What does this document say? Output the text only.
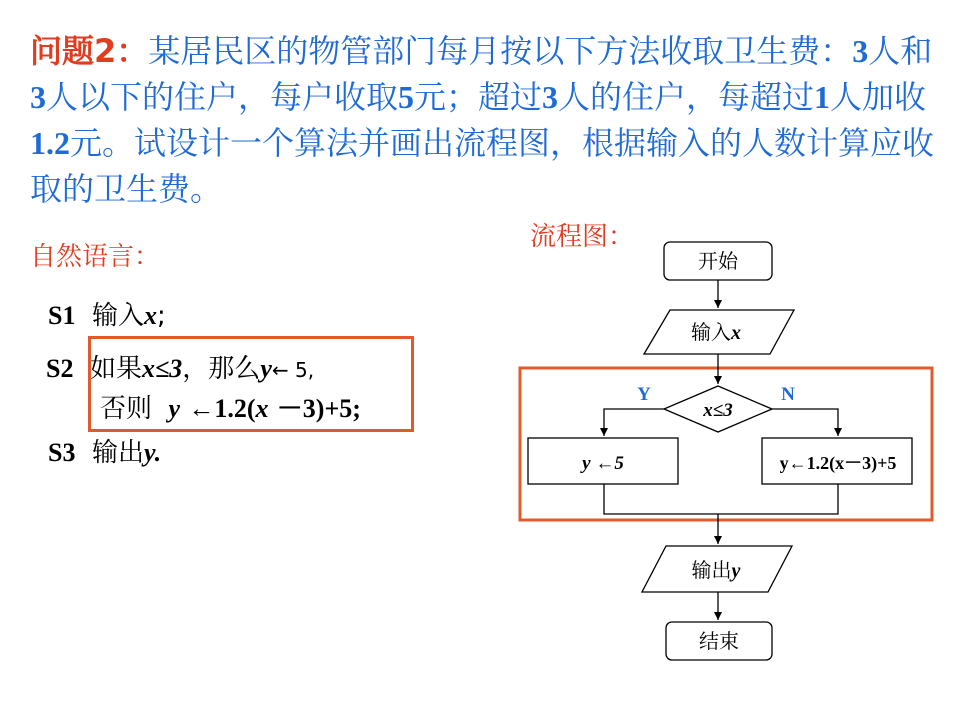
问题2：某居民区的物管部门每月按以下方法收取卫生费：3人和3人以下的住户，每户收取5元；超过3人的住户，每超过1人加收1.2元。试设计一个算法并画出流程图，根据输入的人数计算应收取的卫生费。
自然语言：
流程图：
S1 输入x;
S2 如果x≤3，那么y← 5,
否则 y ←1.2(x －3)+5;
S3 输出y.
开始
输入x
x≤3
Y	N
y ←5	y←1.2(x－3)+5
输出y
结束
